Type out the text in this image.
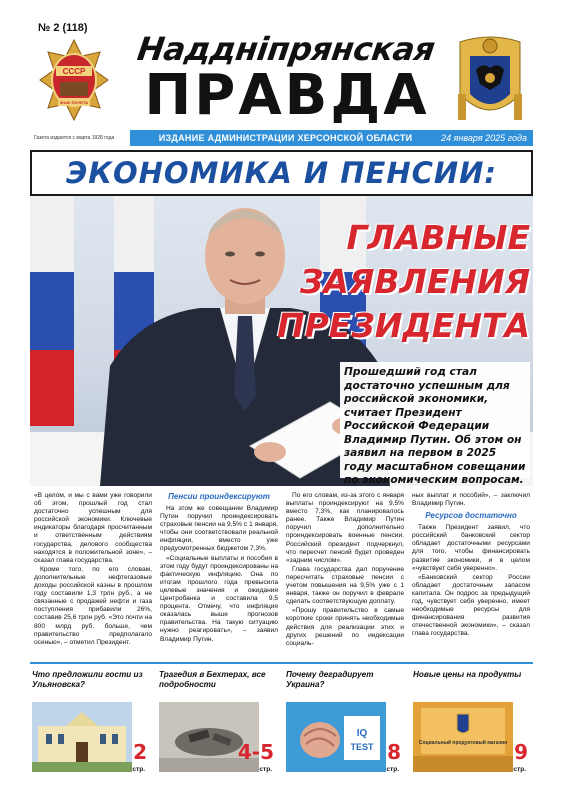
№ 2 (118)
СССР
ЗНАК ПОЧЕТА
Наддніпрянская
ПРАВДА
Газета издается с марта 1928 года	ИЗДАНИЕ АДМИНИСТРАЦИИ ХЕРСОНСКОЙ ОБЛАСТИ	24 января 2025 года
ЭКОНОМИКА И ПЕНСИИ:
ГЛАВНЫЕ
ЗАЯВЛЕНИЯ
ПРЕЗИДЕНТА
Прошедший год стал достаточно успешным для российской экономики, считает Президент Российской Федерации Владимир Путин. Об этом он заявил на первом в 2025 году масштабном совещании по экономическим вопросам.

«В целом, и мы с вами уже говорили об этом, прошлый год стал достаточно успешным для российской экономики. Ключевые индикаторы благодаря просчитанным и ответственным действиям государства, делового сообщества находятся в положительной зоне», – сказал глава государства.

Кроме того, по его словам, дополнительные нефтегазовые доходы российской казны в прошлом году составили 1,3 трлн руб., а не связанные с продажей нефти и газа поступления прибавили 26%, составив 25,6 трлн руб. «Это почти на 800 млрд руб. больше, чем правительство предполагало осенью», – отметил Президент.

Пенсии проиндексируют

На этом же совещании Владимир Путин поручил проиндексировать страховые пенсии на 9,5% с 1 января, чтобы они соответствовали реальной инфляции, вместо уже предусмотренных бюджетом 7,3%.

«Социальные выплаты и пособия в этом году будут проиндексированы на фактическую инфляцию. Она по итогам прошлого года превысила целевые значения и ожидания Центробанка и составила 9,5 процента. Отмечу, что инфляция оказалась выше прогнозов правительства. На такую ситуацию нужно реагировать», – заявил Владимир Путин.

По его словам, из-за этого с января выплаты проиндексируют на 9,5% вместо 7,3%, как планировалось ранее. Также Владимир Путин поручил дополнительно проиндексировать военные пенсии. Российский президент подчеркнул, что пересчет пенсий будет проведен «задним числом».

Глава государства дал поручение пересчитать страховые пенсии с учетом повышения на 9,5% уже с 1 января, также он поручил в феврале сделать соответствующую доплату.

«Прошу правительство в самые короткие сроки принять необходимые действия для реализации этих и других решений по индексации социаль-

ных выплат и пособий», – заключил Владимир Путин.

Ресурсов достаточно

Также Президент заявил, что российский банковский сектор обладает достаточными ресурсами для того, чтобы финансировать развитие экономики, и в целом «чувствует себя уверенно».

«Банковский сектор России обладает достаточным запасом капитала. Он подрос за предыдущий год, чувствует себя уверенно, имеет необходимые ресурсы для финансирования развития отечественной экономики», – сказал глава государства.

Что предложили гости из Ульяновска?
2
стр.
Трагедия в Бехтерах, все подробности
4-5
стр.
Почему деградирует Украина?
IQ
TEST 8
стр.
Новые цены на продукты
Социальный продуктовый магазин 9
стр.
